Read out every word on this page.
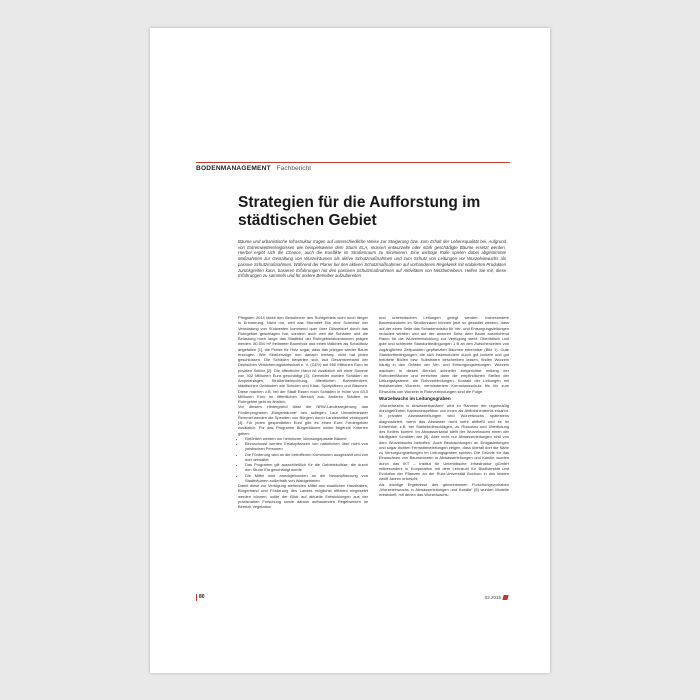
BODENMANAGEMENT Fachbericht
Strategien für die Aufforstung im städtischen Gebiet

Bäume und urbanistische Infrastruktur tragen auf unterschiedliche Weise zur Steigerung bzw. zum Erhalt der Lebensqualität bei. Aufgrund von Extremwetterereignissen wie beispielsweise dem Sturm ELA, müssen entwurzelte oder stark geschädigte Bäume ersetzt werden. Hierbei ergibt sich die Chance, auch die Konflikte im Straßenraum zu minimieren. Eine wichtige Rolle spielen dabei abgestimmte Maßnahmen zur Gestaltung von Wurzelräumen als aktive Schutzmaßnahmen und zum Schutz von Leitungen vor Wurzeleinwuchs als passive Schutzmaßnahmen. Während der Planer bei den aktiven Schutzmaßnahmen auf vorhandenes Regelwerk mit etablierten Produkten zurückgreifen kann, basieren Erfahrungen mit den passiven Schutzmaßnahmen auf Aktivitäten von Netzbetreibern. Helfen Sie mit, diese Erfahrungen zu sammeln und für andere Betreiber aufzubereiten.

Pfingsten 2014 bleibt den Bewohnern des Ruhrgebiets wohl noch länger in Erinnerung. Nicht nur, weil das Sturmtief Ela eine Schneise der Verwüstung von Südwesten kommend quer über Düsseldorf durch das Ruhrgebiet geschlagen hat, sondern auch weil die Schäden und die Belastung noch lange das Stadtbild der Ruhrgebietskommunen prägen werden. 80.000 m³ freilmeter Baumholz und einen tätlichen als Schadholz angefallen [1], die Preise für Holz sogar, dass das jetzigen wieder Baum erzeugen. Wie Straßenzüge nun danach hinweg, nicht hat jeden geschlossen. Die Schäden bewerten sich laut Gesamtverband der Deutschen Versicherungswirtschaft e. V. (GDV) auf 650 Millionen Euro im privaten Sektor [2]. Die öffentliche Hand ist zusätzlich mit einer Summe von 302 Millionen Euro geschädigt [3]. Gemeldet wurden Schäden an Ampelanlagen, Straßenbeleuchtung, öffentlichen Bahnstrecken, städtischen Gebäuden wie Schulen und Kitas, Spielplätzen und Bäumen. Diese machen z.B. bei der Stadt Essen noch Schäden in Höhe von 63,3 Millionen Euro im öffentlichen Bereich aus. Anderen Städten im Ruhrgebiet geht es ähnlich.

Vor diesem Hintergrund lässt die NRW-Landesregierung das Förderprogramm „Bürgerbäume“ neu auflegen. Laut Umweltminister Remmel werden die Spenden von Bürgern durch Landesmittel verdoppelt [4]. Für jeden gespendeten Euro gibt es einen Euro Fördergelder zusätzlich. Für das Programm Bürgerbäume sollen folgende Kriterien gelten:

• Gefördert werden nur heimische, klimaangepasste Bäume
• Bezuschusst werden Ersatzpflanzen von natürlichen über nicht von juristischen Personen
• Die Förderung wird an die betroffenen Kommunen ausgezahlt und von dort verwaltet
• Das Programm gilt ausschließlich für die Gebietskulisse, die durch den Sturm Ela geschädigt wurde
• Die Mittel sind zweckgebunden an die Neuanpflanzung von Stadtbäumen außerhalb von Waldgebieten

Damit diese zur Verfügung stehenden Mittel aus staatlichen Haushalten, Bürgerhand und Förderung des Landes möglichst effizient eingesetzt werden können, sollte der Blick auf aktuelle Entwicklungen aus der praxisnahen Forschung sowie daraus aufbauenden Regelwerken im Bereich Vegetation

und unterirdischen Leitungen gelegt werden. Insbesondere Baumstandorte im Straßenraum können jetzt so gestaltet werden, dass auf der einen Seite das Schadensrisiko für Ver- und Entsorgungsleitungen reduziert werden und auf der anderen Seite dem Baum ausreichend Raum für die Wurzelentwicklung zur Verfügung steht. Oberirdisch und gute und schlechte Standortbedingungen 1 B an den Zwischenzeiten von zugänglichen Zeitpunkten gepflanzten Bäumen erkennbar (Bild 1). Gute Standortbedingungen, die sich insbesondere durch gut lockere und gut belüftete Böden bzw. Substraten beschreiben lassen, finden Wurzeln häufig in den Gräben der Ver- und Entsorgungsleitungen. Wurzeln wachsen in diesen Bereich schneller zielgerichtet entlang der Rohroberflächen und erreichen dann die empfindlichen Stellen der Leitungssysteme, die Rohrverbindungen. Kontakt der Leitungen mit festsitzenden Wurzeln, vermindertem Korrosionsschutz bis hin zum Einwuchs von Wurzeln in Rohrverbindungen sind die Folge.

Wurzelwuchs im Leitungsgraben

„Wurzelwuchs in Abwasserkanälen“ wird im Rahmen der regelmäßig durchgeführten Kamerainspektion von innen als Abflusshindernis erkannt. In privaten Abwasserleitungen wird Wurzelwuchs spätestens diagnostiziert, wenn das Abwasser nicht mehr abfließt und es im Extremfall, z.B. bei Starkniederschlägen, zu Rückstau und Überflutung des Kellers kommt. Im Abwasserkanal stellt der Wurzelwuchs einen der häufigsten Schäden dar [5]. Aber nicht nur Abwasserleitungen sind von dem Wurzelwuchs betroffen. Auch Beobachtungen an Erdgasleitungen und sogar dichten Fernwärmeleitungen zeigen, dass überall dort die Nähe zu Versorgungsleitungen im Leitungsgraben suchen. Die Gründe für das Einwachsen von Baumwurzeln in Abwasserleitungen und Kanäle wurden durch das IKT – Institut für Unterirdische Infrastruktur gGmbH mitbesonders in Kooperation mit dem Lehrstuhl für Biodiversität und Evolution der Pflanzen an der Ruhr-Universität Bochum in den letzten zwölf Jahren erforscht.

Als wichtige Ergebnisse des gemeinsamen Forschungsvorhaben „Wurzeleinwuchs in Abwasserleitungen und Kanäle“ [6] wurden Modelle entwickelt, mit denen das Wurzelwachs-

80	02.2015
